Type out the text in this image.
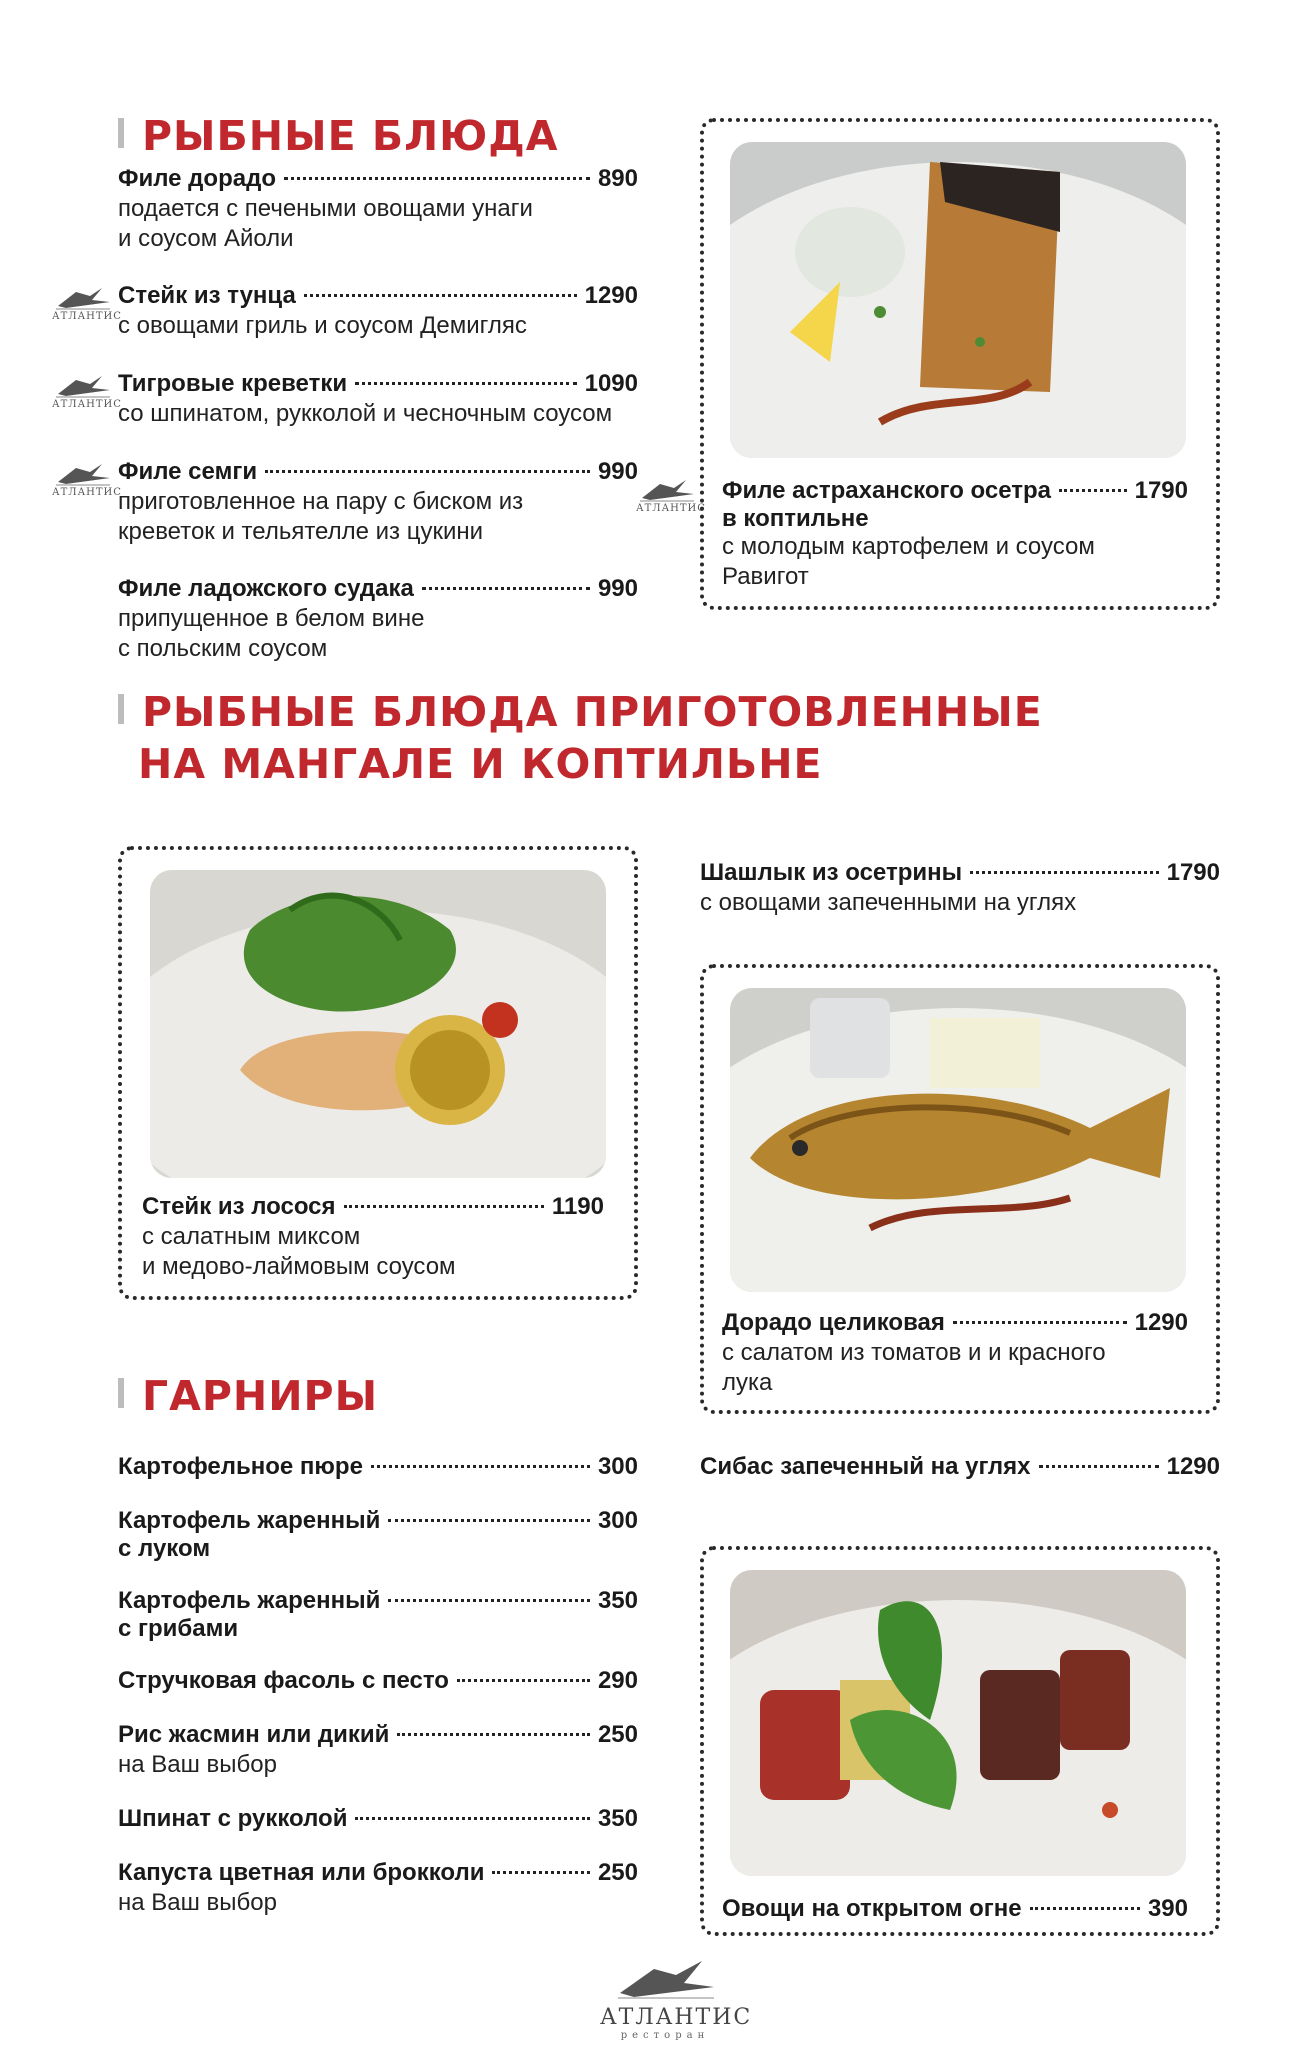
РЫБНЫЕ БЛЮДА
Филе дорадо	890
подается с печеными овощами унаги
и соусом Айоли
АТЛАНТИС
Стейк из тунца	1290
с овощами гриль и соусом Демигляс
АТЛАНТИС
Тигровые креветки	1090
со шпинатом, рукколой и чесночным соусом
АТЛАНТИС
Филе семги	990
приготовленное на пару с биском из
креветок и тельятелле из цукини
Филе ладожского судака	990
припущенное в белом вине
с польским соусом
АТЛАНТИС
Филе астраханского осетра	1790
в коптильне
с молодым картофелем и соусом
Равигот
РЫБНЫЕ БЛЮДА ПРИГОТОВЛЕННЫЕ
НА МАНГАЛЕ И КОПТИЛЬНЕ
Стейк из лосося	1190
с салатным миксом
и медово-лаймовым соусом
Шашлык из осетрины	1790
с овощами запеченными на углях
Дорадо целиковая	1290
с салатом из томатов и и красного
лука
ГАРНИРЫ
Картофельное пюре	300
Картофель жаренный	300
с луком
Картофель жаренный	350
с грибами
Стручковая фасоль с песто	290
Рис жасмин или дикий	250
на Ваш выбор
Шпинат с рукколой	350
Капуста цветная или брокколи	250
на Ваш выбор
Сибас запеченный на углях	1290
Овощи на открытом огне	390
АТЛАНТИС
ресторан
